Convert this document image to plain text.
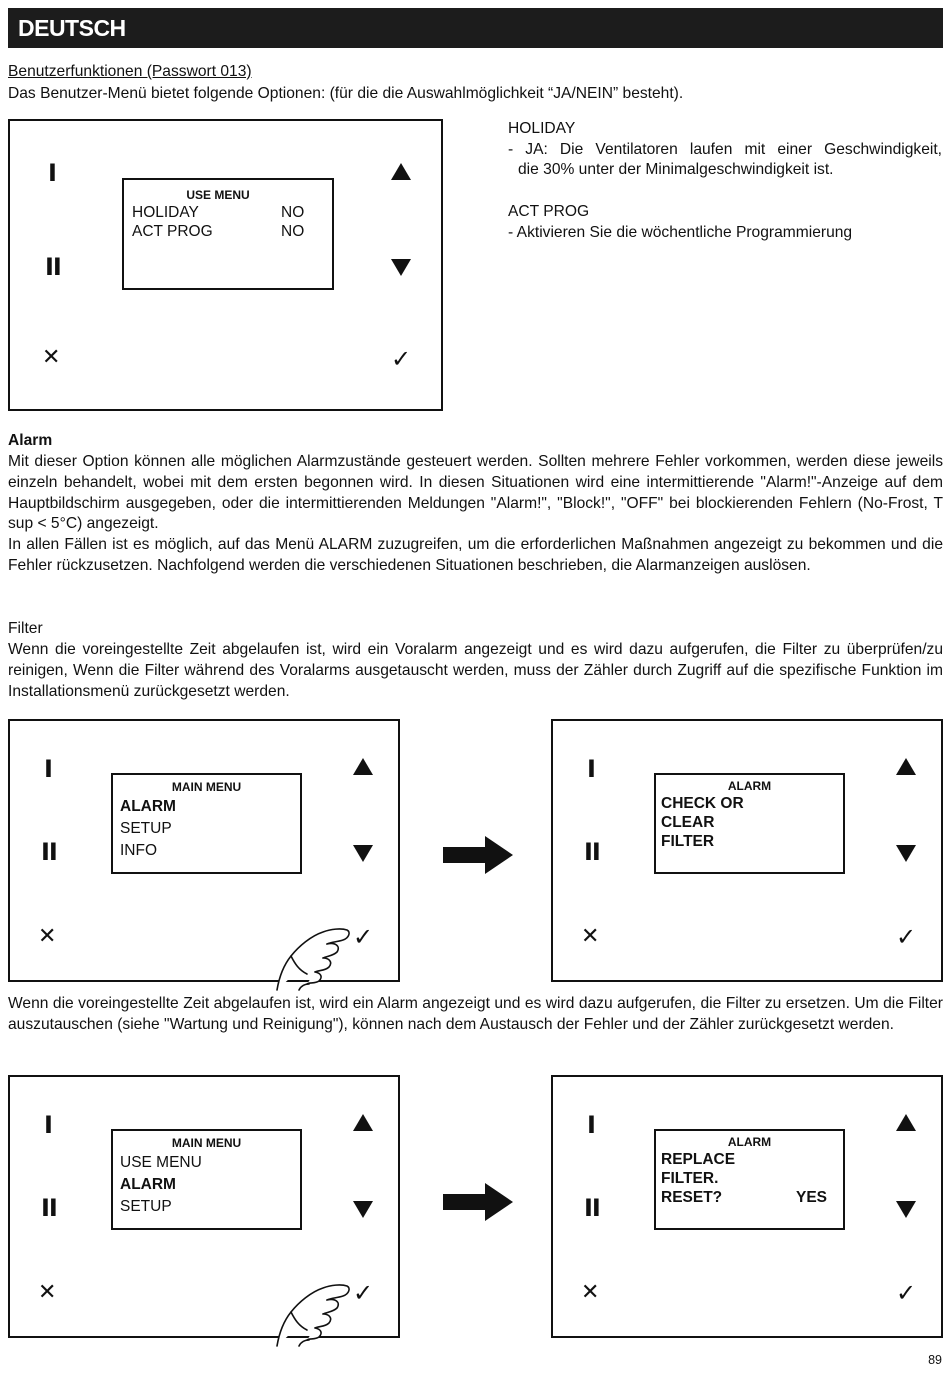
DEUTSCH
Benutzerfunktionen (Passwort 013)
Das Benutzer-Menü bietet folgende Optionen: (für die die Auswahlmöglichkeit “JA/NEIN” besteht).
I
II
✕	✓
USE MENU
HOLIDAY	NO
ACT PROG	NO
HOLIDAY
- JA: Die Ventilatoren laufen mit einer Geschwindigkeit,
die 30% unter der Minimalgeschwindigkeit ist.
ACT PROG
- Aktivieren Sie die wöchentliche Programmierung
Alarm
Mit dieser Option können alle möglichen Alarmzustände gesteuert werden. Sollten mehrere Fehler vorkommen, werden diese jeweils einzeln behandelt, wobei mit dem ersten begonnen wird. In diesen Situationen wird eine intermittierende "Alarm!"-Anzeige auf dem Hauptbildschirm ausgegeben, oder die intermittierenden Meldungen "Alarm!", "Block!", "OFF" bei blockierenden Fehlern (No-Frost, T sup < 5°C) angezeigt.
In allen Fällen ist es möglich, auf das Menü ALARM zuzugreifen, um die erforderlichen Maßnahmen angezeigt zu bekommen und die Fehler rückzusetzen. Nachfolgend werden die verschiedenen Situationen beschrieben, die Alarmanzeigen auslösen.
Filter
Wenn die voreingestellte Zeit abgelaufen ist, wird ein Voralarm angezeigt und es wird dazu aufgerufen, die Filter zu überprüfen/zu reinigen, Wenn die Filter während des Voralarms ausgetauscht werden, muss der Zähler durch Zugriff auf die spezifische Funktion im Installationsmenü zurückgesetzt werden.
I
II
✕	✓
MAIN MENU
ALARM
SETUP
INFO
I
II
✕	✓
ALARM
CHECK OR
CLEAR
FILTER
Wenn die voreingestellte Zeit abgelaufen ist, wird ein Alarm angezeigt und es wird dazu aufgerufen, die Filter zu ersetzen. Um die Filter auszutauschen (siehe "Wartung und Reinigung"), können nach dem Austausch der Fehler und der Zähler zurückgesetzt werden.
I
II
✕	✓
MAIN MENU
USE MENU
ALARM
SETUP
I
II
✕	✓
ALARM
REPLACE
FILTER.
RESET?	YES
89
